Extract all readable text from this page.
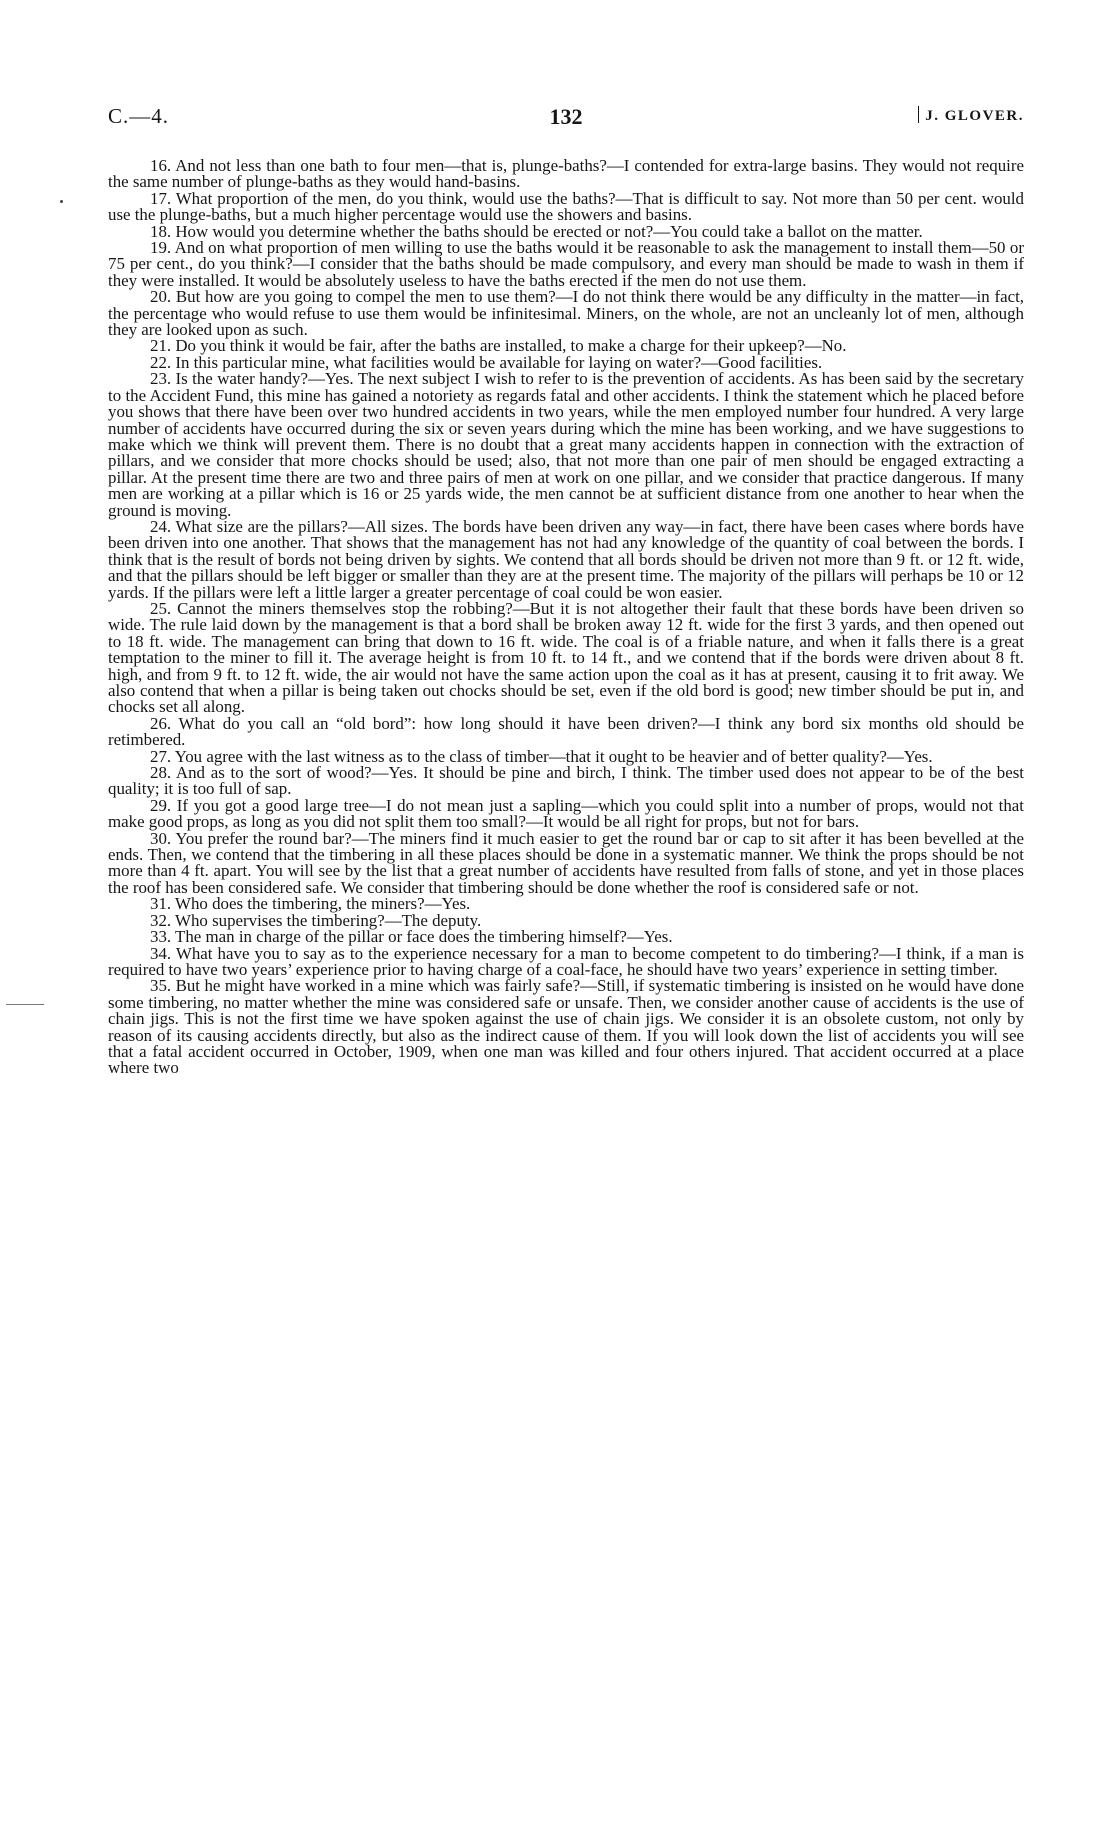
C.—4.	132	J. GLOVER.

16. And not less than one bath to four men—that is, plunge-baths?—I contended for extra-large basins. They would not require the same number of plunge-baths as they would hand-basins.

17. What proportion of the men, do you think, would use the baths?—That is difficult to say. Not more than 50 per cent. would use the plunge-baths, but a much higher percentage would use the showers and basins.

18. How would you determine whether the baths should be erected or not?—You could take a ballot on the matter.

19. And on what proportion of men willing to use the baths would it be reasonable to ask the management to install them—50 or 75 per cent., do you think?—I consider that the baths should be made compulsory, and every man should be made to wash in them if they were installed. It would be absolutely useless to have the baths erected if the men do not use them.

20. But how are you going to compel the men to use them?—I do not think there would be any difficulty in the matter—in fact, the percentage who would refuse to use them would be infinitesimal. Miners, on the whole, are not an uncleanly lot of men, although they are looked upon as such.

21. Do you think it would be fair, after the baths are installed, to make a charge for their upkeep?—No.

22. In this particular mine, what facilities would be available for laying on water?—Good facilities.

23. Is the water handy?—Yes. The next subject I wish to refer to is the prevention of accidents. As has been said by the secretary to the Accident Fund, this mine has gained a notoriety as regards fatal and other accidents. I think the statement which he placed before you shows that there have been over two hundred accidents in two years, while the men employed number four hundred. A very large number of accidents have occurred during the six or seven years during which the mine has been working, and we have suggestions to make which we think will prevent them. There is no doubt that a great many accidents happen in connection with the extraction of pillars, and we consider that more chocks should be used; also, that not more than one pair of men should be engaged extracting a pillar. At the present time there are two and three pairs of men at work on one pillar, and we consider that practice dangerous. If many men are working at a pillar which is 16 or 25 yards wide, the men cannot be at sufficient distance from one another to hear when the ground is moving.

24. What size are the pillars?—All sizes. The bords have been driven any way—in fact, there have been cases where bords have been driven into one another. That shows that the management has not had any knowledge of the quantity of coal between the bords. I think that is the result of bords not being driven by sights. We contend that all bords should be driven not more than 9 ft. or 12 ft. wide, and that the pillars should be left bigger or smaller than they are at the present time. The majority of the pillars will perhaps be 10 or 12 yards. If the pillars were left a little larger a greater percentage of coal could be won easier.

25. Cannot the miners themselves stop the robbing?—But it is not altogether their fault that these bords have been driven so wide. The rule laid down by the management is that a bord shall be broken away 12 ft. wide for the first 3 yards, and then opened out to 18 ft. wide. The management can bring that down to 16 ft. wide. The coal is of a friable nature, and when it falls there is a great temptation to the miner to fill it. The average height is from 10 ft. to 14 ft., and we contend that if the bords were driven about 8 ft. high, and from 9 ft. to 12 ft. wide, the air would not have the same action upon the coal as it has at present, causing it to frit away. We also contend that when a pillar is being taken out chocks should be set, even if the old bord is good; new timber should be put in, and chocks set all along.

26. What do you call an “old bord”: how long should it have been driven?—I think any bord six months old should be retimbered.

27. You agree with the last witness as to the class of timber—that it ought to be heavier and of better quality?—Yes.

28. And as to the sort of wood?—Yes. It should be pine and birch, I think. The timber used does not appear to be of the best quality; it is too full of sap.

29. If you got a good large tree—I do not mean just a sapling—which you could split into a number of props, would not that make good props, as long as you did not split them too small?—It would be all right for props, but not for bars.

30. You prefer the round bar?—The miners find it much easier to get the round bar or cap to sit after it has been bevelled at the ends. Then, we contend that the timbering in all these places should be done in a systematic manner. We think the props should be not more than 4 ft. apart. You will see by the list that a great number of accidents have resulted from falls of stone, and yet in those places the roof has been considered safe. We consider that timbering should be done whether the roof is considered safe or not.

31. Who does the timbering, the miners?—Yes.

32. Who supervises the timbering?—The deputy.

33. The man in charge of the pillar or face does the timbering himself?—Yes.

34. What have you to say as to the experience necessary for a man to become competent to do timbering?—I think, if a man is required to have two years’ experience prior to having charge of a coal-face, he should have two years’ experience in setting timber.

35. But he might have worked in a mine which was fairly safe?—Still, if systematic timbering is insisted on he would have done some timbering, no matter whether the mine was considered safe or unsafe. Then, we consider another cause of accidents is the use of chain jigs. This is not the first time we have spoken against the use of chain jigs. We consider it is an obsolete custom, not only by reason of its causing accidents directly, but also as the indirect cause of them. If you will look down the list of accidents you will see that a fatal accident occurred in October, 1909, when one man was killed and four others injured. That accident occurred at a place where two
